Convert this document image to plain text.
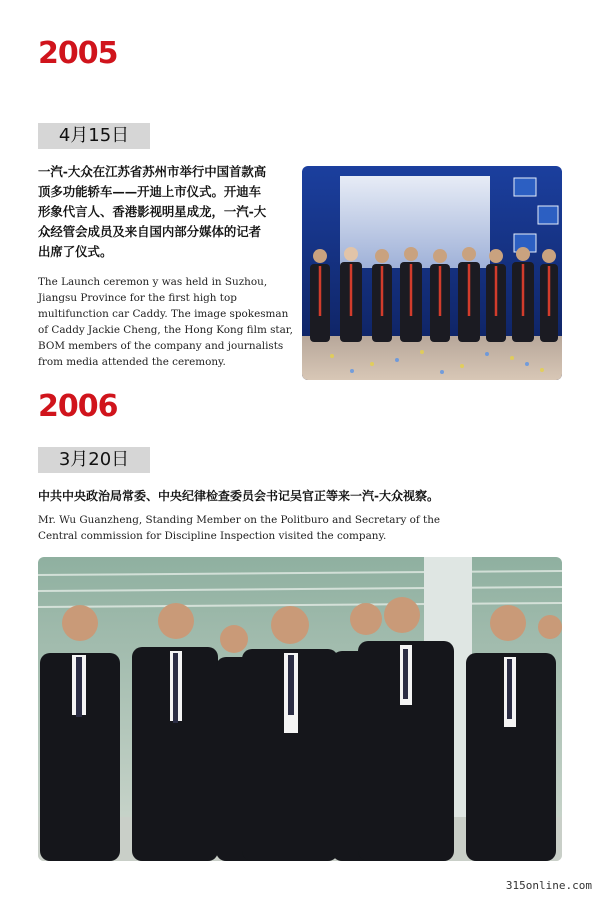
2005
4月15日
一汽-大众在江苏省苏州市举行中国首款高
顶多功能轿车——开迪上市仪式。开迪车
形象代言人、香港影视明星成龙，一汽-大
众经管会成员及来自国内部分媒体的记者
出席了仪式。
The Launch ceremon y was held in Suzhou,
Jiangsu Province for the first high top
multifunction car Caddy. The image spokesman
of Caddy Jackie Cheng, the Hong Kong film star,
BOM members of the company and journalists
from media attended the ceremony.
2006
3月20日
中共中央政治局常委、中央纪律检查委员会书记吴官正等来一汽-大众视察。
Mr. Wu Guanzheng, Standing Member on the Politburo and Secretary of the
Central commission for Discipline Inspection visited the company.
315online.com
